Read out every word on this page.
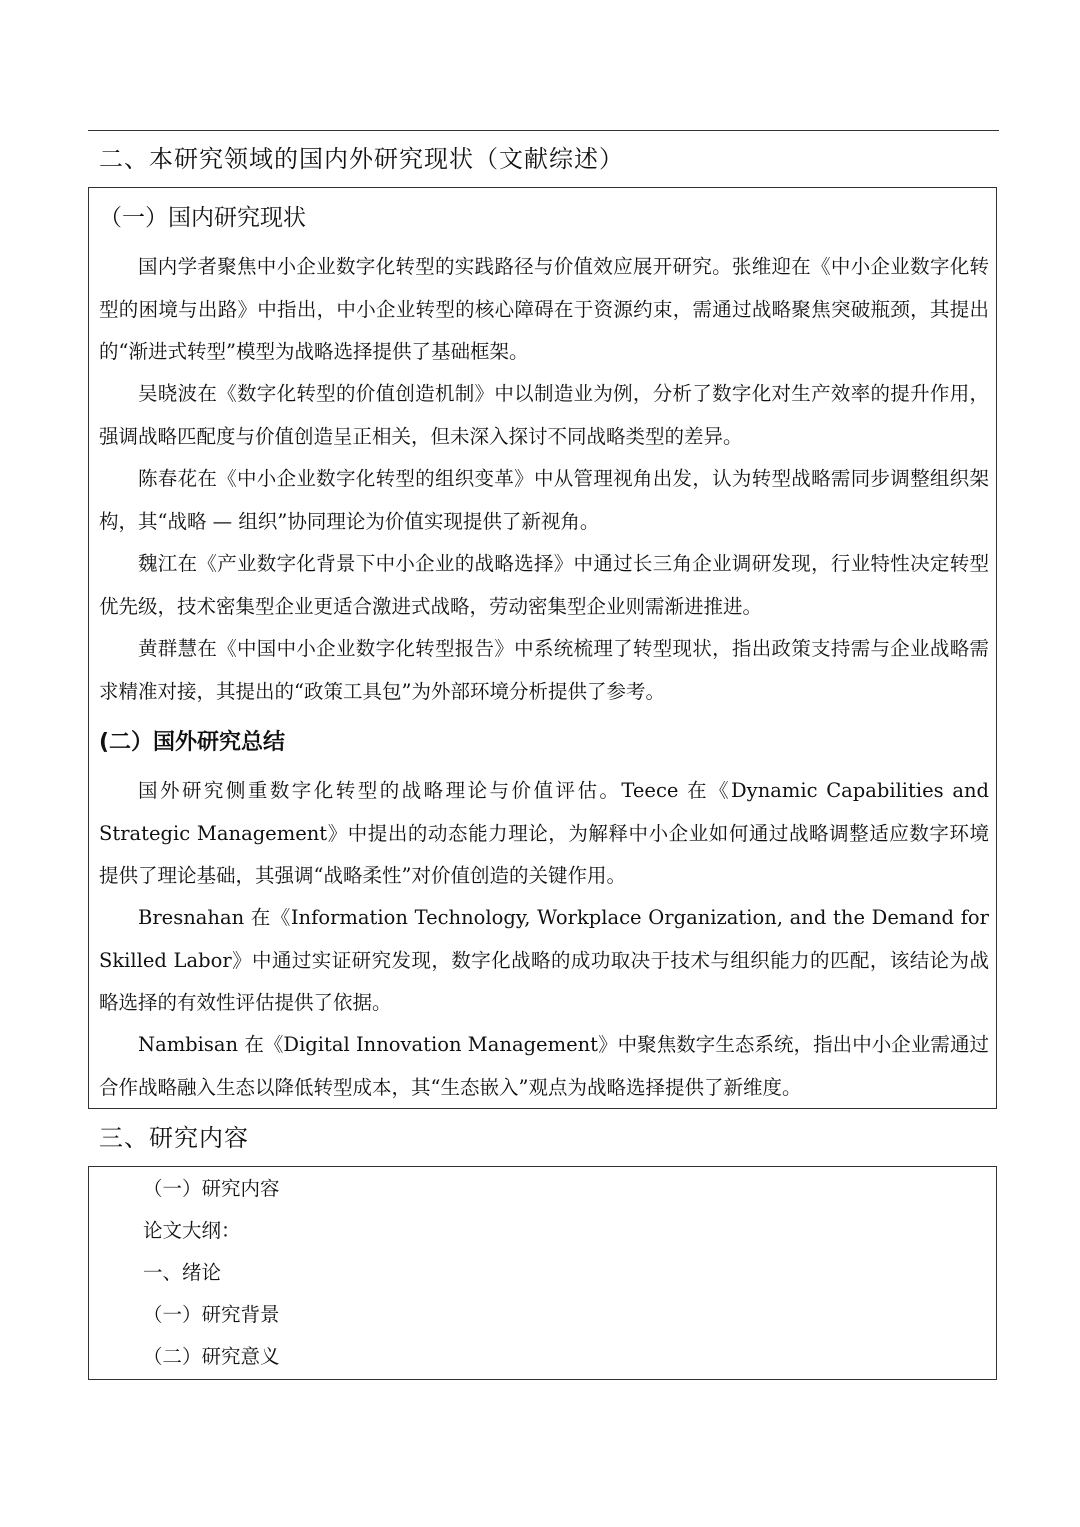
二、本研究领域的国内外研究现状（文献综述）
（一）国内研究现状

国内学者聚焦中小企业数字化转型的实践路径与价值效应展开研究。张维迎在《中小企业数字化转型的困境与出路》中指出，中小企业转型的核心障碍在于资源约束，需通过战略聚焦突破瓶颈，其提出的“渐进式转型”模型为战略选择提供了基础框架。

吴晓波在《数字化转型的价值创造机制》中以制造业为例，分析了数字化对生产效率的提升作用，强调战略匹配度与价值创造呈正相关，但未深入探讨不同战略类型的差异。

陈春花在《中小企业数字化转型的组织变革》中从管理视角出发，认为转型战略需同步调整组织架构，其“战略 — 组织”协同理论为价值实现提供了新视角。

魏江在《产业数字化背景下中小企业的战略选择》中通过长三角企业调研发现，行业特性决定转型优先级，技术密集型企业更适合激进式战略，劳动密集型企业则需渐进推进。

黄群慧在《中国中小企业数字化转型报告》中系统梳理了转型现状，指出政策支持需与企业战略需求精准对接，其提出的“政策工具包”为外部环境分析提供了参考。

(二）国外研究总结

国外研究侧重数字化转型的战略理论与价值评估。Teece 在《Dynamic Capabilities and Strategic Management》中提出的动态能力理论，为解释中小企业如何通过战略调整适应数字环境提供了理论基础，其强调“战略柔性”对价值创造的关键作用。

Bresnahan 在《Information Technology, Workplace Organization, and the Demand for Skilled Labor》中通过实证研究发现，数字化战略的成功取决于技术与组织能力的匹配，该结论为战略选择的有效性评估提供了依据。

Nambisan 在《Digital Innovation Management》中聚焦数字生态系统，指出中小企业需通过合作战略融入生态以降低转型成本，其“生态嵌入”观点为战略选择提供了新维度。

三、研究内容
（一）研究内容
论文大纲：
一、绪论
（一）研究背景
（二）研究意义
